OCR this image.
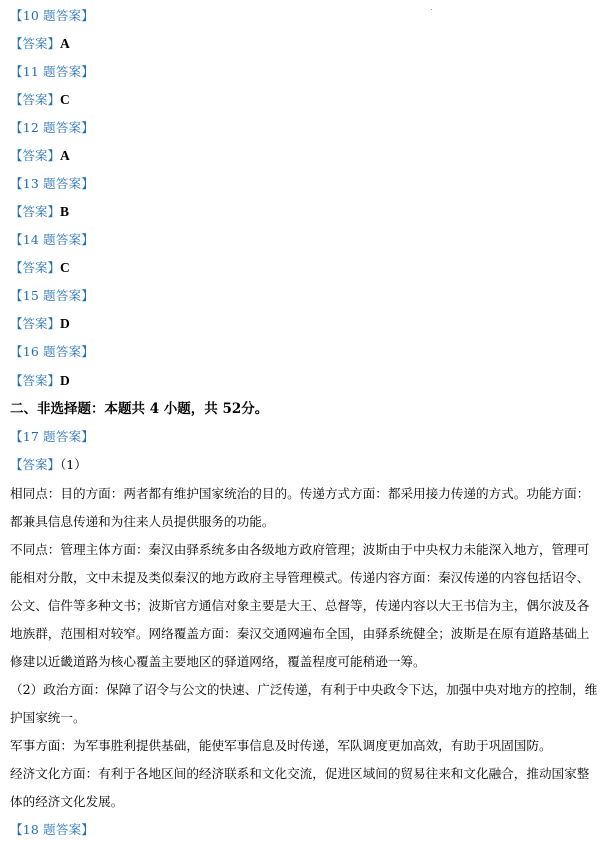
【10 题答案】
【答案】A
【11 题答案】
【答案】C
【12 题答案】
【答案】A
【13 题答案】
【答案】B
【14 题答案】
【答案】C
【15 题答案】
【答案】D
【16 题答案】
【答案】D
二、非选择题：本题共 4 小题，共 52分。
【17 题答案】
【答案】（1）
相同点：目的方面：两者都有维护国家统治的目的。传递方式方面：都采用接力传递的方式。功能方面：
都兼具信息传递和为往来人员提供服务的功能。
不同点：管理主体方面：秦汉由驿系统多由各级地方政府管理；波斯由于中央权力未能深入地方，管理可
能相对分散，文中未提及类似秦汉的地方政府主导管理模式。传递内容方面：秦汉传递的内容包括诏令、
公文、信件等多种文书；波斯官方通信对象主要是大王、总督等，传递内容以大王书信为主，偶尔波及各
地族群，范围相对较窄。网络覆盖方面：秦汉交通网遍布全国，由驿系统健全；波斯是在原有道路基础上
修建以近畿道路为核心覆盖主要地区的驿道网络，覆盖程度可能稍逊一筹。
（2）政治方面：保障了诏令与公文的快速、广泛传递，有利于中央政令下达，加强中央对地方的控制，维
护国家统一。
军事方面：为军事胜利提供基础，能使军事信息及时传递，军队调度更加高效，有助于巩固国防。
经济文化方面：有利于各地区间的经济联系和文化交流，促进区域间的贸易往来和文化融合，推动国家整
体的经济文化发展。
【18 题答案】
